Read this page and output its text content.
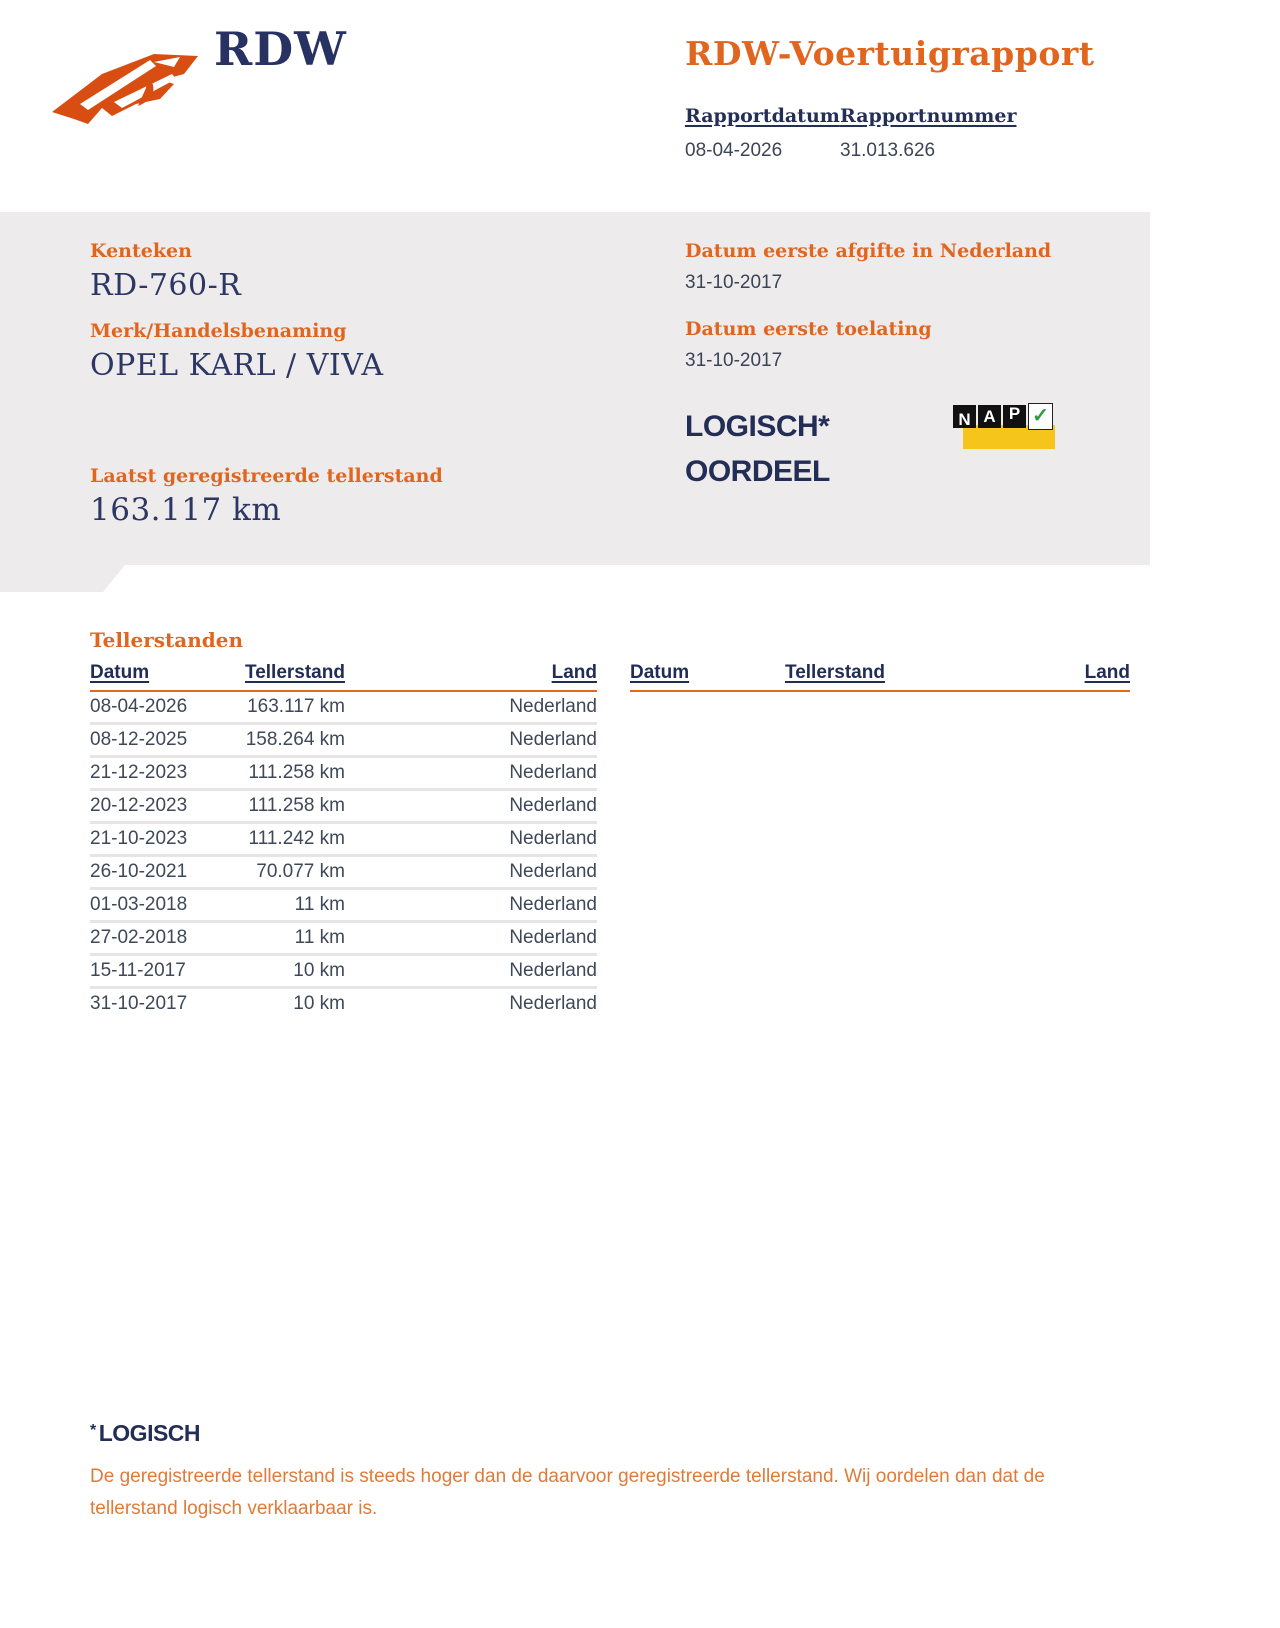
RDW	RDW-Voertuigrapport
Rapportdatum Rapportnummer
08-04-2026	31.013.626
Kenteken
RD-760-R
Merk/Handelsbenaming
OPEL KARL / VIVA
Datum eerste afgifte in Nederland
31-10-2017
Datum eerste toelating
31-10-2017
LOGISCH*
OORDEEL
N A P ✓
Laatst geregistreerde tellerstand
163.117 km
Tellerstanden
Datum	Tellerstand	Land
08-04-2026	163.117 km	Nederland
08-12-2025	158.264 km	Nederland
21-12-2023	111.258 km	Nederland
20-12-2023	111.258 km	Nederland
21-10-2023	111.242 km	Nederland
26-10-2021	70.077 km	Nederland
01-03-2018	11 km	Nederland
27-02-2018	11 km	Nederland
15-11-2017	10 km	Nederland
31-10-2017	10 km	Nederland
Datum	Tellerstand	Land
* LOGISCH
De geregistreerde tellerstand is steeds hoger dan de daarvoor geregistreerde tellerstand. Wij oordelen dan dat de tellerstand logisch verklaarbaar is.
